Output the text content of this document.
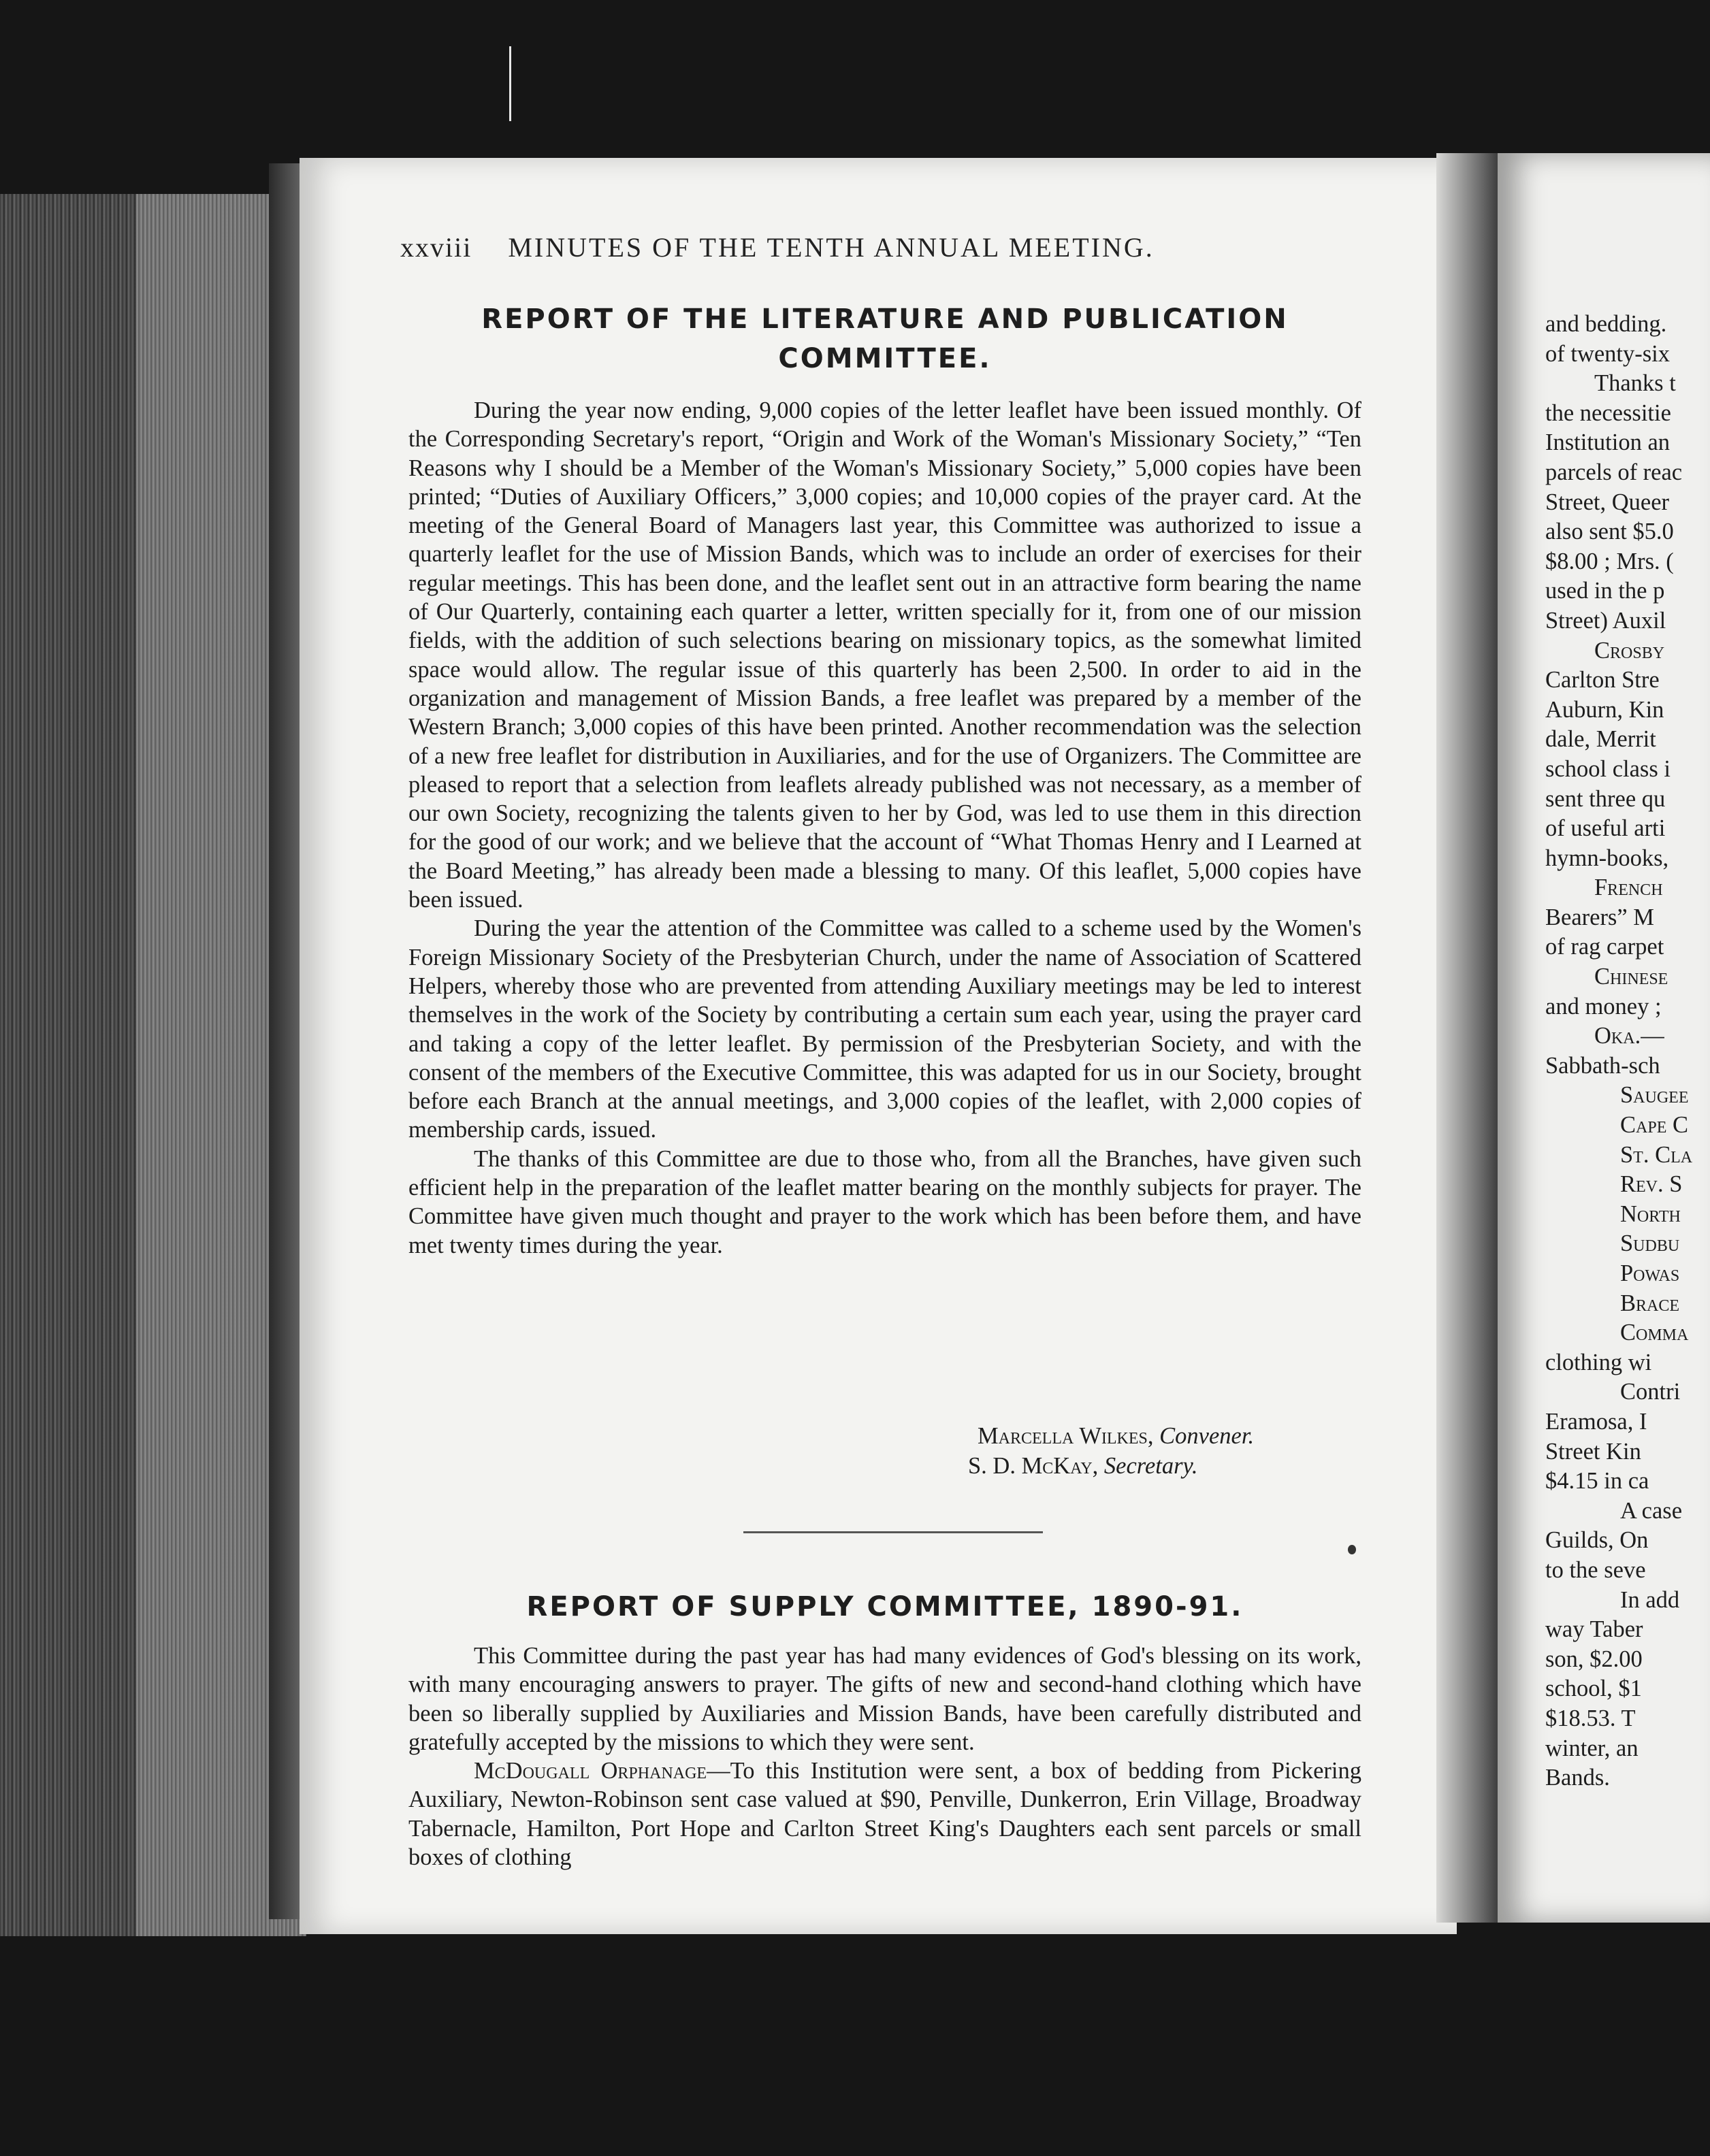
xxviii MINUTES OF THE TENTH ANNUAL MEETING.
REPORT OF THE LITERATURE AND PUBLICATION
COMMITTEE.

During the year now ending, 9,000 copies of the letter leaflet have been issued monthly. Of the Corresponding Secretary's report, “Origin and Work of the Woman's Missionary Society,” “Ten Reasons why I should be a Member of the Woman's Missionary Society,” 5,000 copies have been printed; “Duties of Auxiliary Officers,” 3,000 copies; and 10,000 copies of the prayer card. At the meeting of the General Board of Managers last year, this Committee was authorized to issue a quarterly leaflet for the use of Mission Bands, which was to include an order of exercises for their regular meetings. This has been done, and the leaflet sent out in an attractive form bearing the name of Our Quarterly, containing each quarter a letter, written specially for it, from one of our mission fields, with the addition of such selections bearing on missionary topics, as the somewhat limited space would allow. The regular issue of this quarterly has been 2,500. In order to aid in the organization and management of Mission Bands, a free leaflet was prepared by a member of the Western Branch; 3,000 copies of this have been printed. Another recommendation was the selection of a new free leaflet for distribution in Auxiliaries, and for the use of Organizers. The Committee are pleased to report that a selection from leaflets already published was not necessary, as a member of our own Society, recognizing the talents given to her by God, was led to use them in this direction for the good of our work; and we believe that the account of “What Thomas Henry and I Learned at the Board Meeting,” has already been made a blessing to many. Of this leaflet, 5,000 copies have been issued.

During the year the attention of the Committee was called to a scheme used by the Women's Foreign Missionary Society of the Presbyterian Church, under the name of Association of Scattered Helpers, whereby those who are prevented from attending Auxiliary meetings may be led to interest themselves in the work of the Society by contributing a certain sum each year, using the prayer card and taking a copy of the letter leaflet. By permission of the Presbyterian Society, and with the consent of the members of the Executive Committee, this was adapted for us in our Society, brought before each Branch at the annual meetings, and 3,000 copies of the leaflet, with 2,000 copies of membership cards, issued.

The thanks of this Committee are due to those who, from all the Branches, have given such efficient help in the preparation of the leaflet matter bearing on the monthly subjects for prayer. The Committee have given much thought and prayer to the work which has been before them, and have met twenty times during the year.

Marcella Wilkes, Convener.
S. D. McKay, Secretary.
REPORT OF SUPPLY COMMITTEE, 1890-91.

This Committee during the past year has had many evidences of God's blessing on its work, with many encouraging answers to prayer. The gifts of new and second-hand clothing which have been so liberally supplied by Auxiliaries and Mission Bands, have been carefully distributed and gratefully accepted by the missions to which they were sent.

McDougall Orphanage—To this Institution were sent, a box of bedding from Pickering Auxiliary, Newton-Robinson sent case valued at $90, Penville, Dunkerron, Erin Village, Broadway Tabernacle, Hamilton, Port Hope and Carlton Street King's Daughters each sent parcels or small boxes of clothing

and bedding.
of twenty-six
Thanks t
the necessitie
Institution an
parcels of reac
Street, Queer
also sent $5.0
$8.00 ; Mrs. (
used in the p
Street) Auxil
Crosby
Carlton Stre
Auburn, Kin
dale, Merrit
school class i
sent three qu
of useful arti
hymn-books,
French
Bearers” M
of rag carpet
Chinese
and money ;
Oka.—
Sabbath-sch
Saugee
Cape C
St. Cla
Rev. S
North
Sudbu
Powas
Brace
Comma
clothing wi
Contri
Eramosa, I
Street Kin
$4.15 in ca
A case
Guilds, On
to the seve
In add
way Taber
son, $2.00
school, $1
$18.53. T
winter, an
Bands.
